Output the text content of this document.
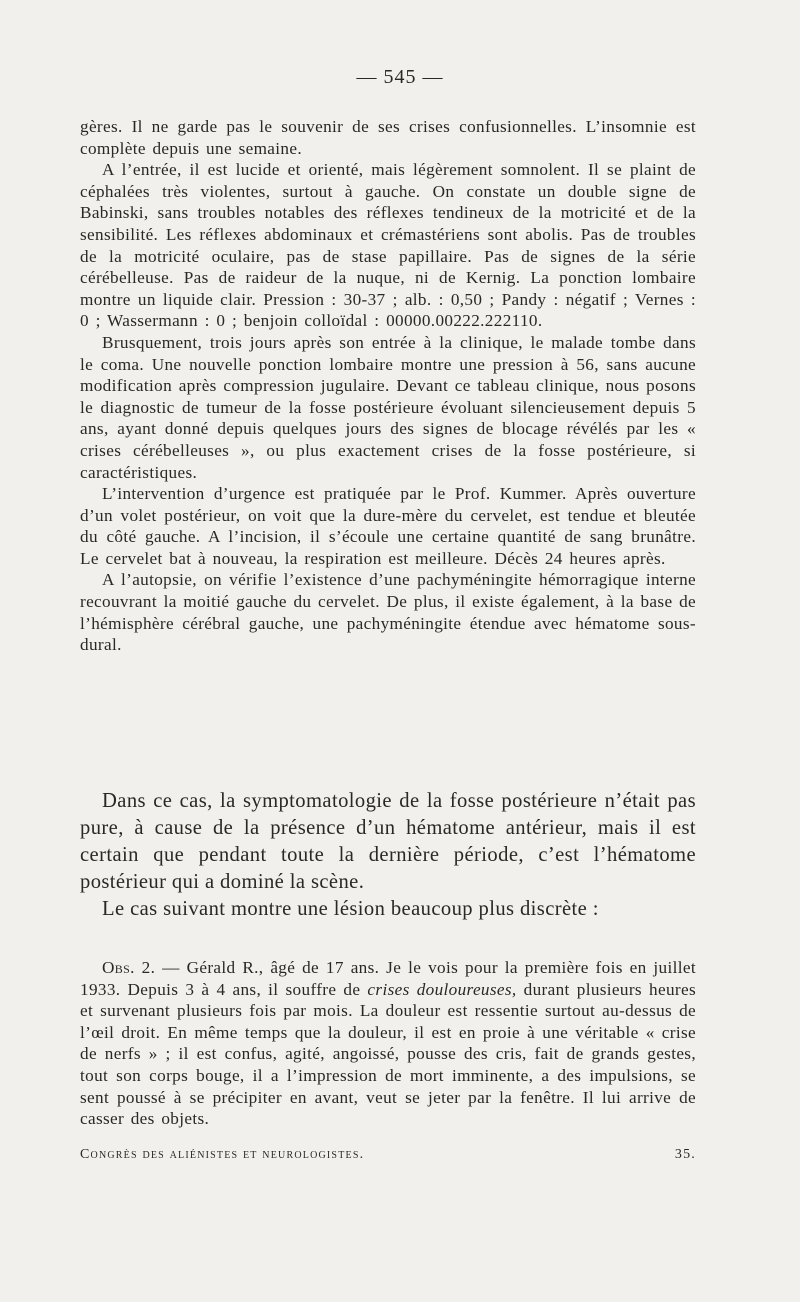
— 545 —

gères. Il ne garde pas le souvenir de ses crises confusionnelles. L’insomnie est complète depuis une semaine.

A l’entrée, il est lucide et orienté, mais légèrement somnolent. Il se plaint de céphalées très violentes, surtout à gauche. On constate un double signe de Babinski, sans troubles notables des réflexes tendineux de la motricité et de la sensibilité. Les réflexes abdominaux et crémastériens sont abolis. Pas de troubles de la motricité oculaire, pas de stase papillaire. Pas de signes de la série cérébelleuse. Pas de raideur de la nuque, ni de Kernig. La ponction lombaire montre un liquide clair. Pression : 30-37 ; alb. : 0,50 ; Pandy : négatif ; Vernes : 0 ; Wassermann : 0 ; benjoin colloïdal : 00000.00222.222110.

Brusquement, trois jours après son entrée à la clinique, le malade tombe dans le coma. Une nouvelle ponction lombaire montre une pression à 56, sans aucune modification après compression jugulaire. Devant ce tableau clinique, nous posons le diagnostic de tumeur de la fosse postérieure évoluant silencieusement depuis 5 ans, ayant donné depuis quelques jours des signes de blocage révélés par les « crises cérébelleuses », ou plus exactement crises de la fosse postérieure, si caractéristiques.

L’intervention d’urgence est pratiquée par le Prof. Kummer. Après ouverture d’un volet postérieur, on voit que la dure-mère du cervelet, est tendue et bleutée du côté gauche. A l’incision, il s’écoule une certaine quantité de sang brunâtre. Le cervelet bat à nouveau, la respiration est meilleure. Décès 24 heures après.

A l’autopsie, on vérifie l’existence d’une pachyméningite hémorragique interne recouvrant la moitié gauche du cervelet. De plus, il existe également, à la base de l’hémisphère cérébral gauche, une pachyméningite étendue avec hématome sous-dural.

Dans ce cas, la symptomatologie de la fosse postérieure n’était pas pure, à cause de la présence d’un hématome antérieur, mais il est certain que pendant toute la dernière période, c’est l’hématome postérieur qui a dominé la scène.

Le cas suivant montre une lésion beaucoup plus discrète :

Obs. 2. — Gérald R., âgé de 17 ans. Je le vois pour la première fois en juillet 1933. Depuis 3 à 4 ans, il souffre de crises douloureuses, durant plusieurs heures et survenant plusieurs fois par mois. La douleur est ressentie surtout au-dessus de l’œil droit. En même temps que la douleur, il est en proie à une véritable « crise de nerfs » ; il est confus, agité, angoissé, pousse des cris, fait de grands gestes, tout son corps bouge, il a l’impression de mort imminente, a des impulsions, se sent poussé à se précipiter en avant, veut se jeter par la fenêtre. Il lui arrive de casser des objets.

Congrès des aliénistes et neurologistes.	35.
